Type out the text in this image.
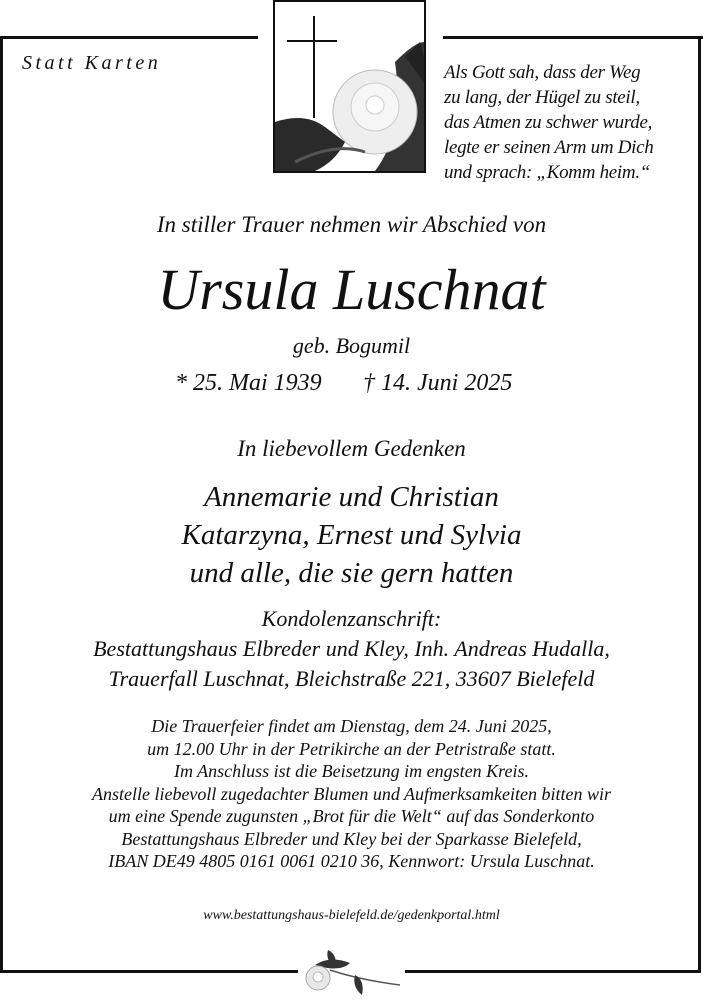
Statt Karten	Als Gott sah, dass der Weg
zu lang, der Hügel zu steil,
das Atmen zu schwer wurde,
legte er seinen Arm um Dich
und sprach: „Komm heim.“
In stiller Trauer nehmen wir Abschied von
Ursula Luschnat
geb. Bogumil
* 25. Mai 1939 † 14. Juni 2025
In liebevollem Gedenken
Annemarie und Christian
Katarzyna, Ernest und Sylvia
und alle, die sie gern hatten
Kondolenzanschrift:
Bestattungshaus Elbreder und Kley, Inh. Andreas Hudalla,
Trauerfall Luschnat, Bleichstraße 221, 33607 Bielefeld
Die Trauerfeier findet am Dienstag, dem 24. Juni 2025,
um 12.00 Uhr in der Petrikirche an der Petristraße statt.
Im Anschluss ist die Beisetzung im engsten Kreis.
Anstelle liebevoll zugedachter Blumen und Aufmerksamkeiten bitten wir
um eine Spende zugunsten „Brot für die Welt“ auf das Sonderkonto
Bestattungshaus Elbreder und Kley bei der Sparkasse Bielefeld,
IBAN DE49 4805 0161 0061 0210 36, Kennwort: Ursula Luschnat.
www.bestattungshaus-bielefeld.de/gedenkportal.html
